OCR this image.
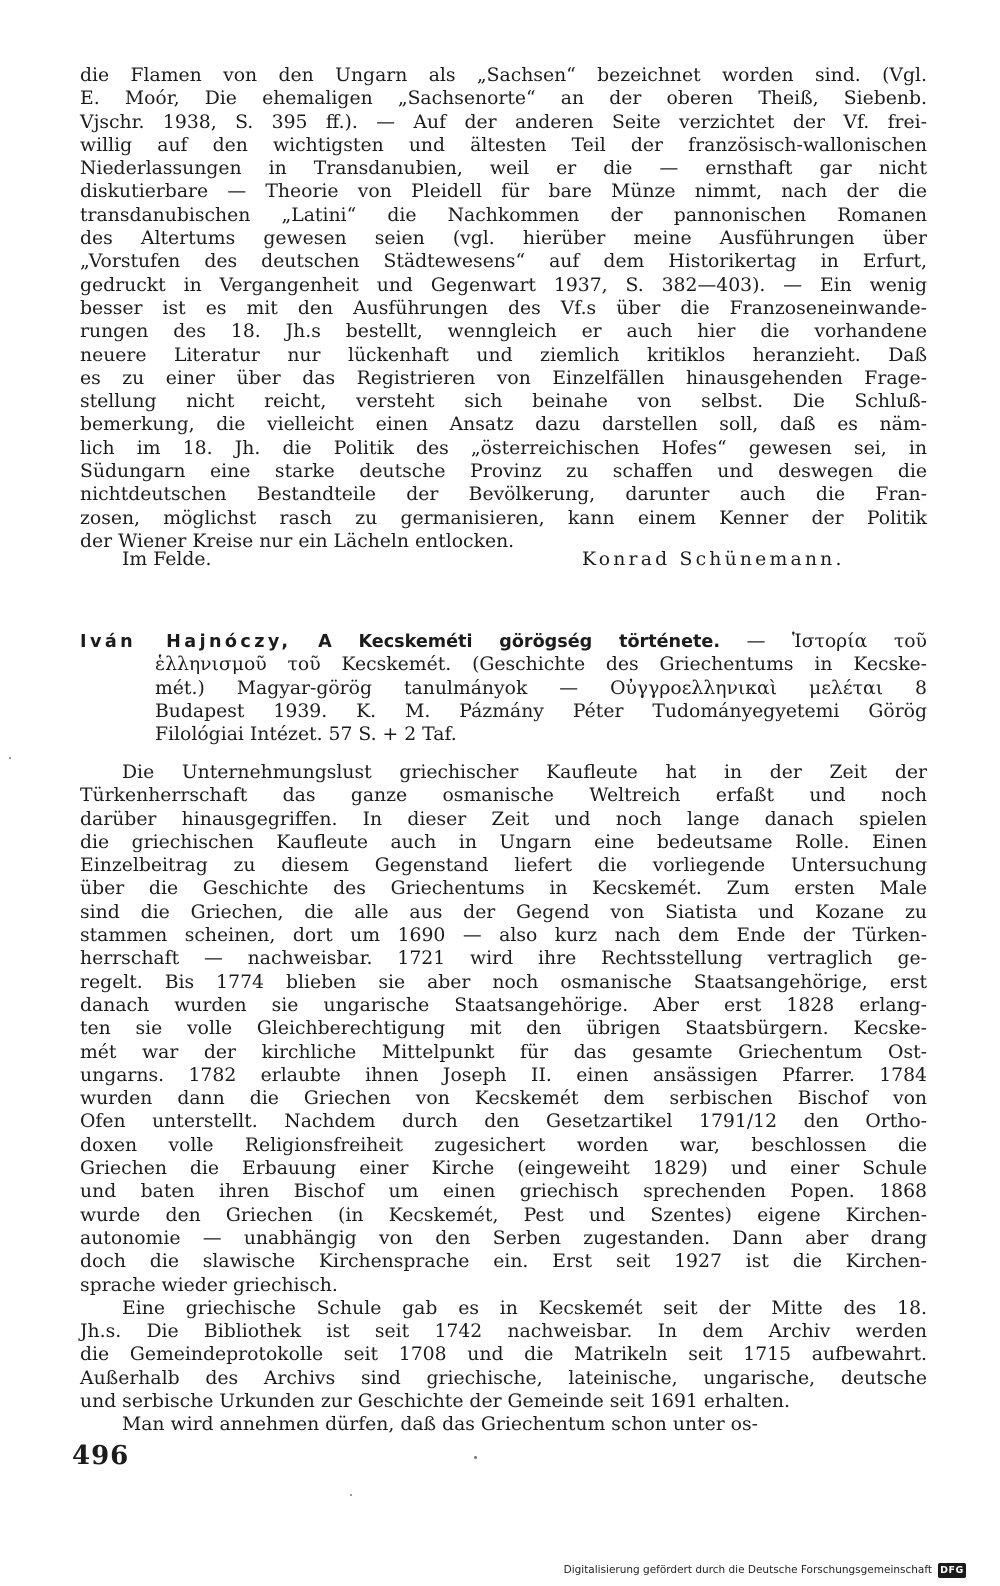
die Flamen von den Ungarn als „Sachsen“ bezeichnet worden sind. (Vgl.
E. Moór, Die ehemaligen „Sachsenorte“ an der oberen Theiß, Siebenb.
Vjschr. 1938, S. 395 ff.). — Auf der anderen Seite verzichtet der Vf. frei-
willig auf den wichtigsten und ältesten Teil der französisch-wallonischen
Niederlassungen in Transdanubien, weil er die — ernsthaft gar nicht
diskutierbare — Theorie von Pleidell für bare Münze nimmt, nach der die
transdanubischen „Latini“ die Nachkommen der pannonischen Romanen
des Altertums gewesen seien (vgl. hierüber meine Ausführungen über
„Vorstufen des deutschen Städtewesens“ auf dem Historikertag in Erfurt,
gedruckt in Vergangenheit und Gegenwart 1937, S. 382—403). — Ein wenig
besser ist es mit den Ausführungen des Vf.s über die Franzoseneinwande-
rungen des 18. Jh.s bestellt, wenngleich er auch hier die vorhandene
neuere Literatur nur lückenhaft und ziemlich kritiklos heranzieht. Daß
es zu einer über das Registrieren von Einzelfällen hinausgehenden Frage-
stellung nicht reicht, versteht sich beinahe von selbst. Die Schluß-
bemerkung, die vielleicht einen Ansatz dazu darstellen soll, daß es näm-
lich im 18. Jh. die Politik des „österreichischen Hofes“ gewesen sei, in
Südungarn eine starke deutsche Provinz zu schaffen und deswegen die
nichtdeutschen Bestandteile der Bevölkerung, darunter auch die Fran-
zosen, möglichst rasch zu germanisieren, kann einem Kenner der Politik
der Wiener Kreise nur ein Lächeln entlocken.
Im Felde.	Konrad Schünemann.
Iván Hajnóczy, A Kecskeméti görögség története. — Ἱστορία τοῦ
ἑλληνισμοῦ τοῦ Kecskemét. (Geschichte des Griechentums in Kecske-
mét.) Magyar-görög tanulmányok — Οὐγγροελληνικαὶ μελέται 8
Budapest 1939. K. M. Pázmány Péter Tudományegyetemi Görög
Filológiai Intézet. 57 S. + 2 Taf.
Die Unternehmungslust griechischer Kaufleute hat in der Zeit der
Türkenherrschaft das ganze osmanische Weltreich erfaßt und noch
darüber hinausgegriffen. In dieser Zeit und noch lange danach spielen
die griechischen Kaufleute auch in Ungarn eine bedeutsame Rolle. Einen
Einzelbeitrag zu diesem Gegenstand liefert die vorliegende Untersuchung
über die Geschichte des Griechentums in Kecskemét. Zum ersten Male
sind die Griechen, die alle aus der Gegend von Siatista und Kozane zu
stammen scheinen, dort um 1690 — also kurz nach dem Ende der Türken-
herrschaft — nachweisbar. 1721 wird ihre Rechtsstellung vertraglich ge-
regelt. Bis 1774 blieben sie aber noch osmanische Staatsangehörige, erst
danach wurden sie ungarische Staatsangehörige. Aber erst 1828 erlang-
ten sie volle Gleichberechtigung mit den übrigen Staatsbürgern. Kecske-
mét war der kirchliche Mittelpunkt für das gesamte Griechentum Ost-
ungarns. 1782 erlaubte ihnen Joseph II. einen ansässigen Pfarrer. 1784
wurden dann die Griechen von Kecskemét dem serbischen Bischof von
Ofen unterstellt. Nachdem durch den Gesetzartikel 1791/12 den Ortho-
doxen volle Religionsfreiheit zugesichert worden war, beschlossen die
Griechen die Erbauung einer Kirche (eingeweiht 1829) und einer Schule
und baten ihren Bischof um einen griechisch sprechenden Popen. 1868
wurde den Griechen (in Kecskemét, Pest und Szentes) eigene Kirchen-
autonomie — unabhängig von den Serben zugestanden. Dann aber drang
doch die slawische Kirchensprache ein. Erst seit 1927 ist die Kirchen-
sprache wieder griechisch.
Eine griechische Schule gab es in Kecskemét seit der Mitte des 18.
Jh.s. Die Bibliothek ist seit 1742 nachweisbar. In dem Archiv werden
die Gemeindeprotokolle seit 1708 und die Matrikeln seit 1715 aufbewahrt.
Außerhalb des Archivs sind griechische, lateinische, ungarische, deutsche
und serbische Urkunden zur Geschichte der Gemeinde seit 1691 erhalten.
Man wird annehmen dürfen, daß das Griechentum schon unter os-
496
Digitalisierung gefördert durch die Deutsche Forschungsgemeinschaft DFG
